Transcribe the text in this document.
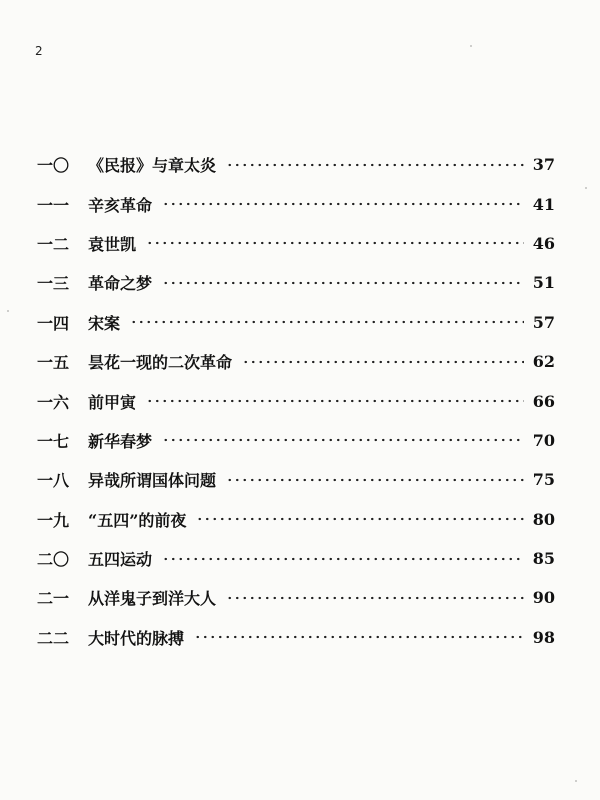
2
一〇	《民报》与章太炎	37
一一	辛亥革命	41
一二	袁世凯	46
一三	革命之梦	51
一四	宋案	57
一五	昙花一现的二次革命	62
一六	前甲寅	66
一七	新华春梦	70
一八	异哉所谓国体问题	75
一九	“五四”的前夜	80
二〇	五四运动	85
二一	从洋鬼子到洋大人	90
二二	大时代的脉搏	98
